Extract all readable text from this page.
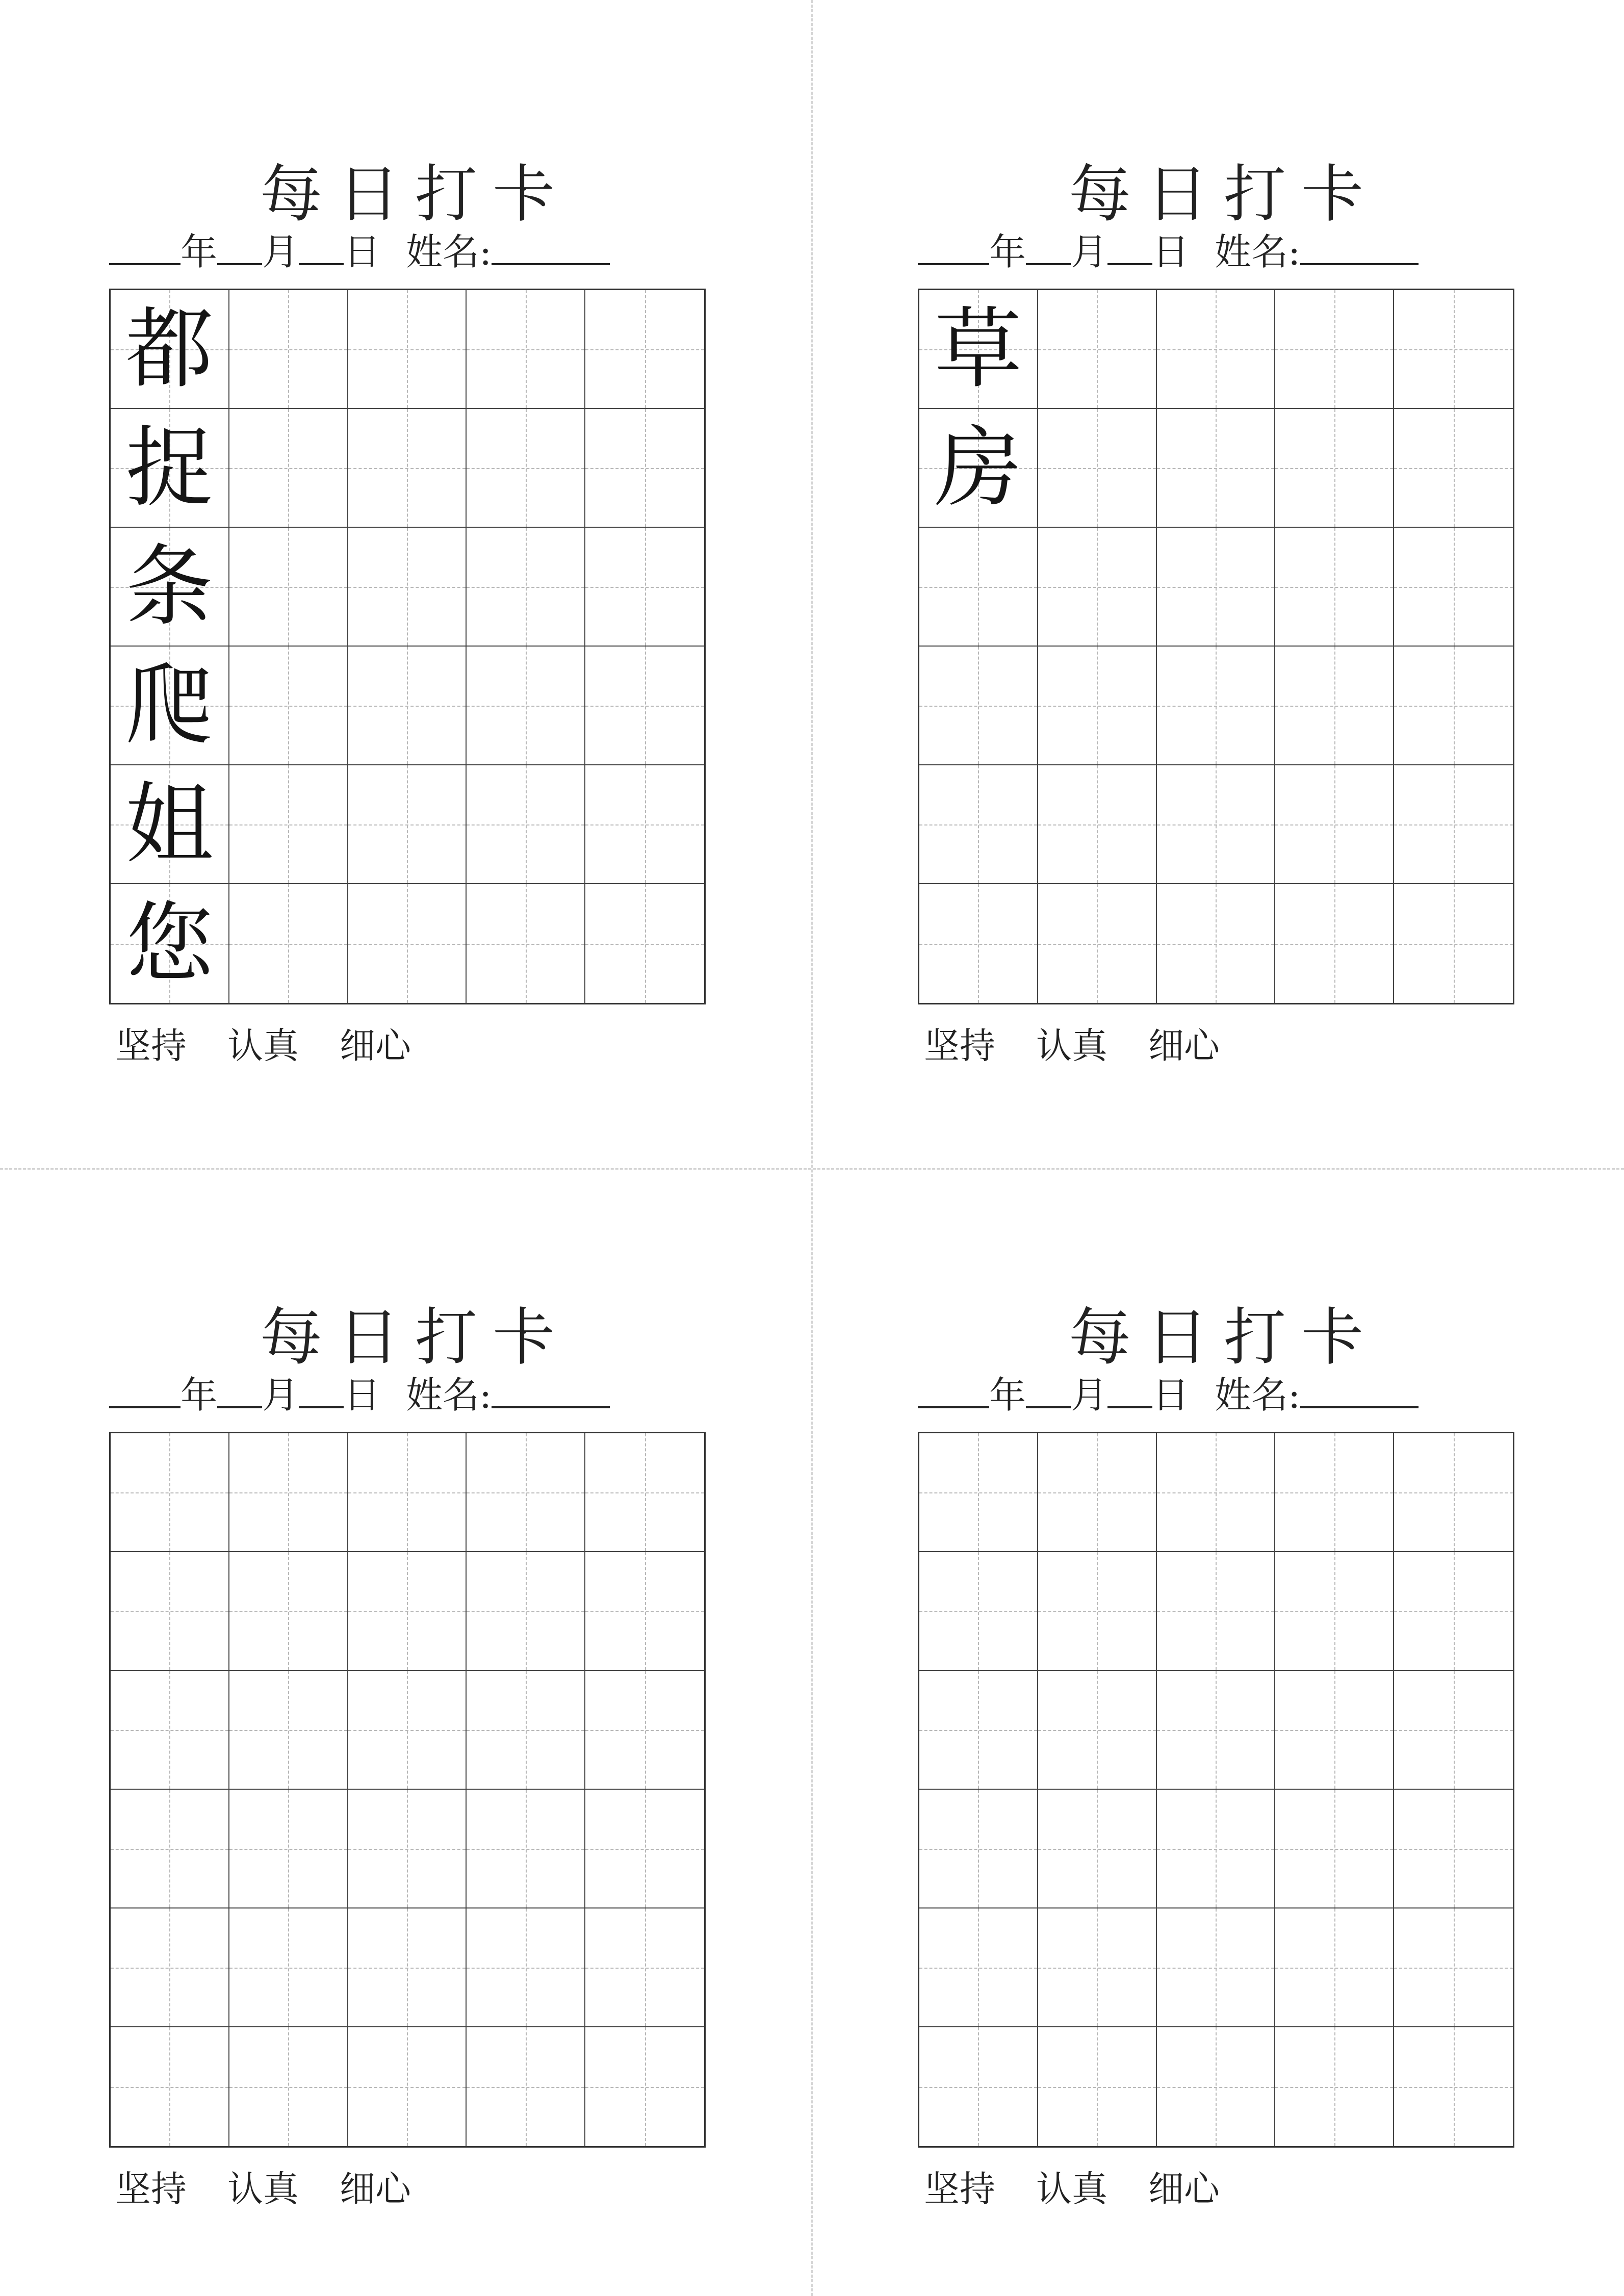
每日打卡
年 月 日 姓名:
都
捉
条
爬
姐
您
坚持 认真 细心
每日打卡
年 月 日 姓名:
草
房
坚持 认真 细心
每日打卡
年 月 日 姓名:
坚持 认真 细心
每日打卡
年 月 日 姓名:
坚持 认真 细心
